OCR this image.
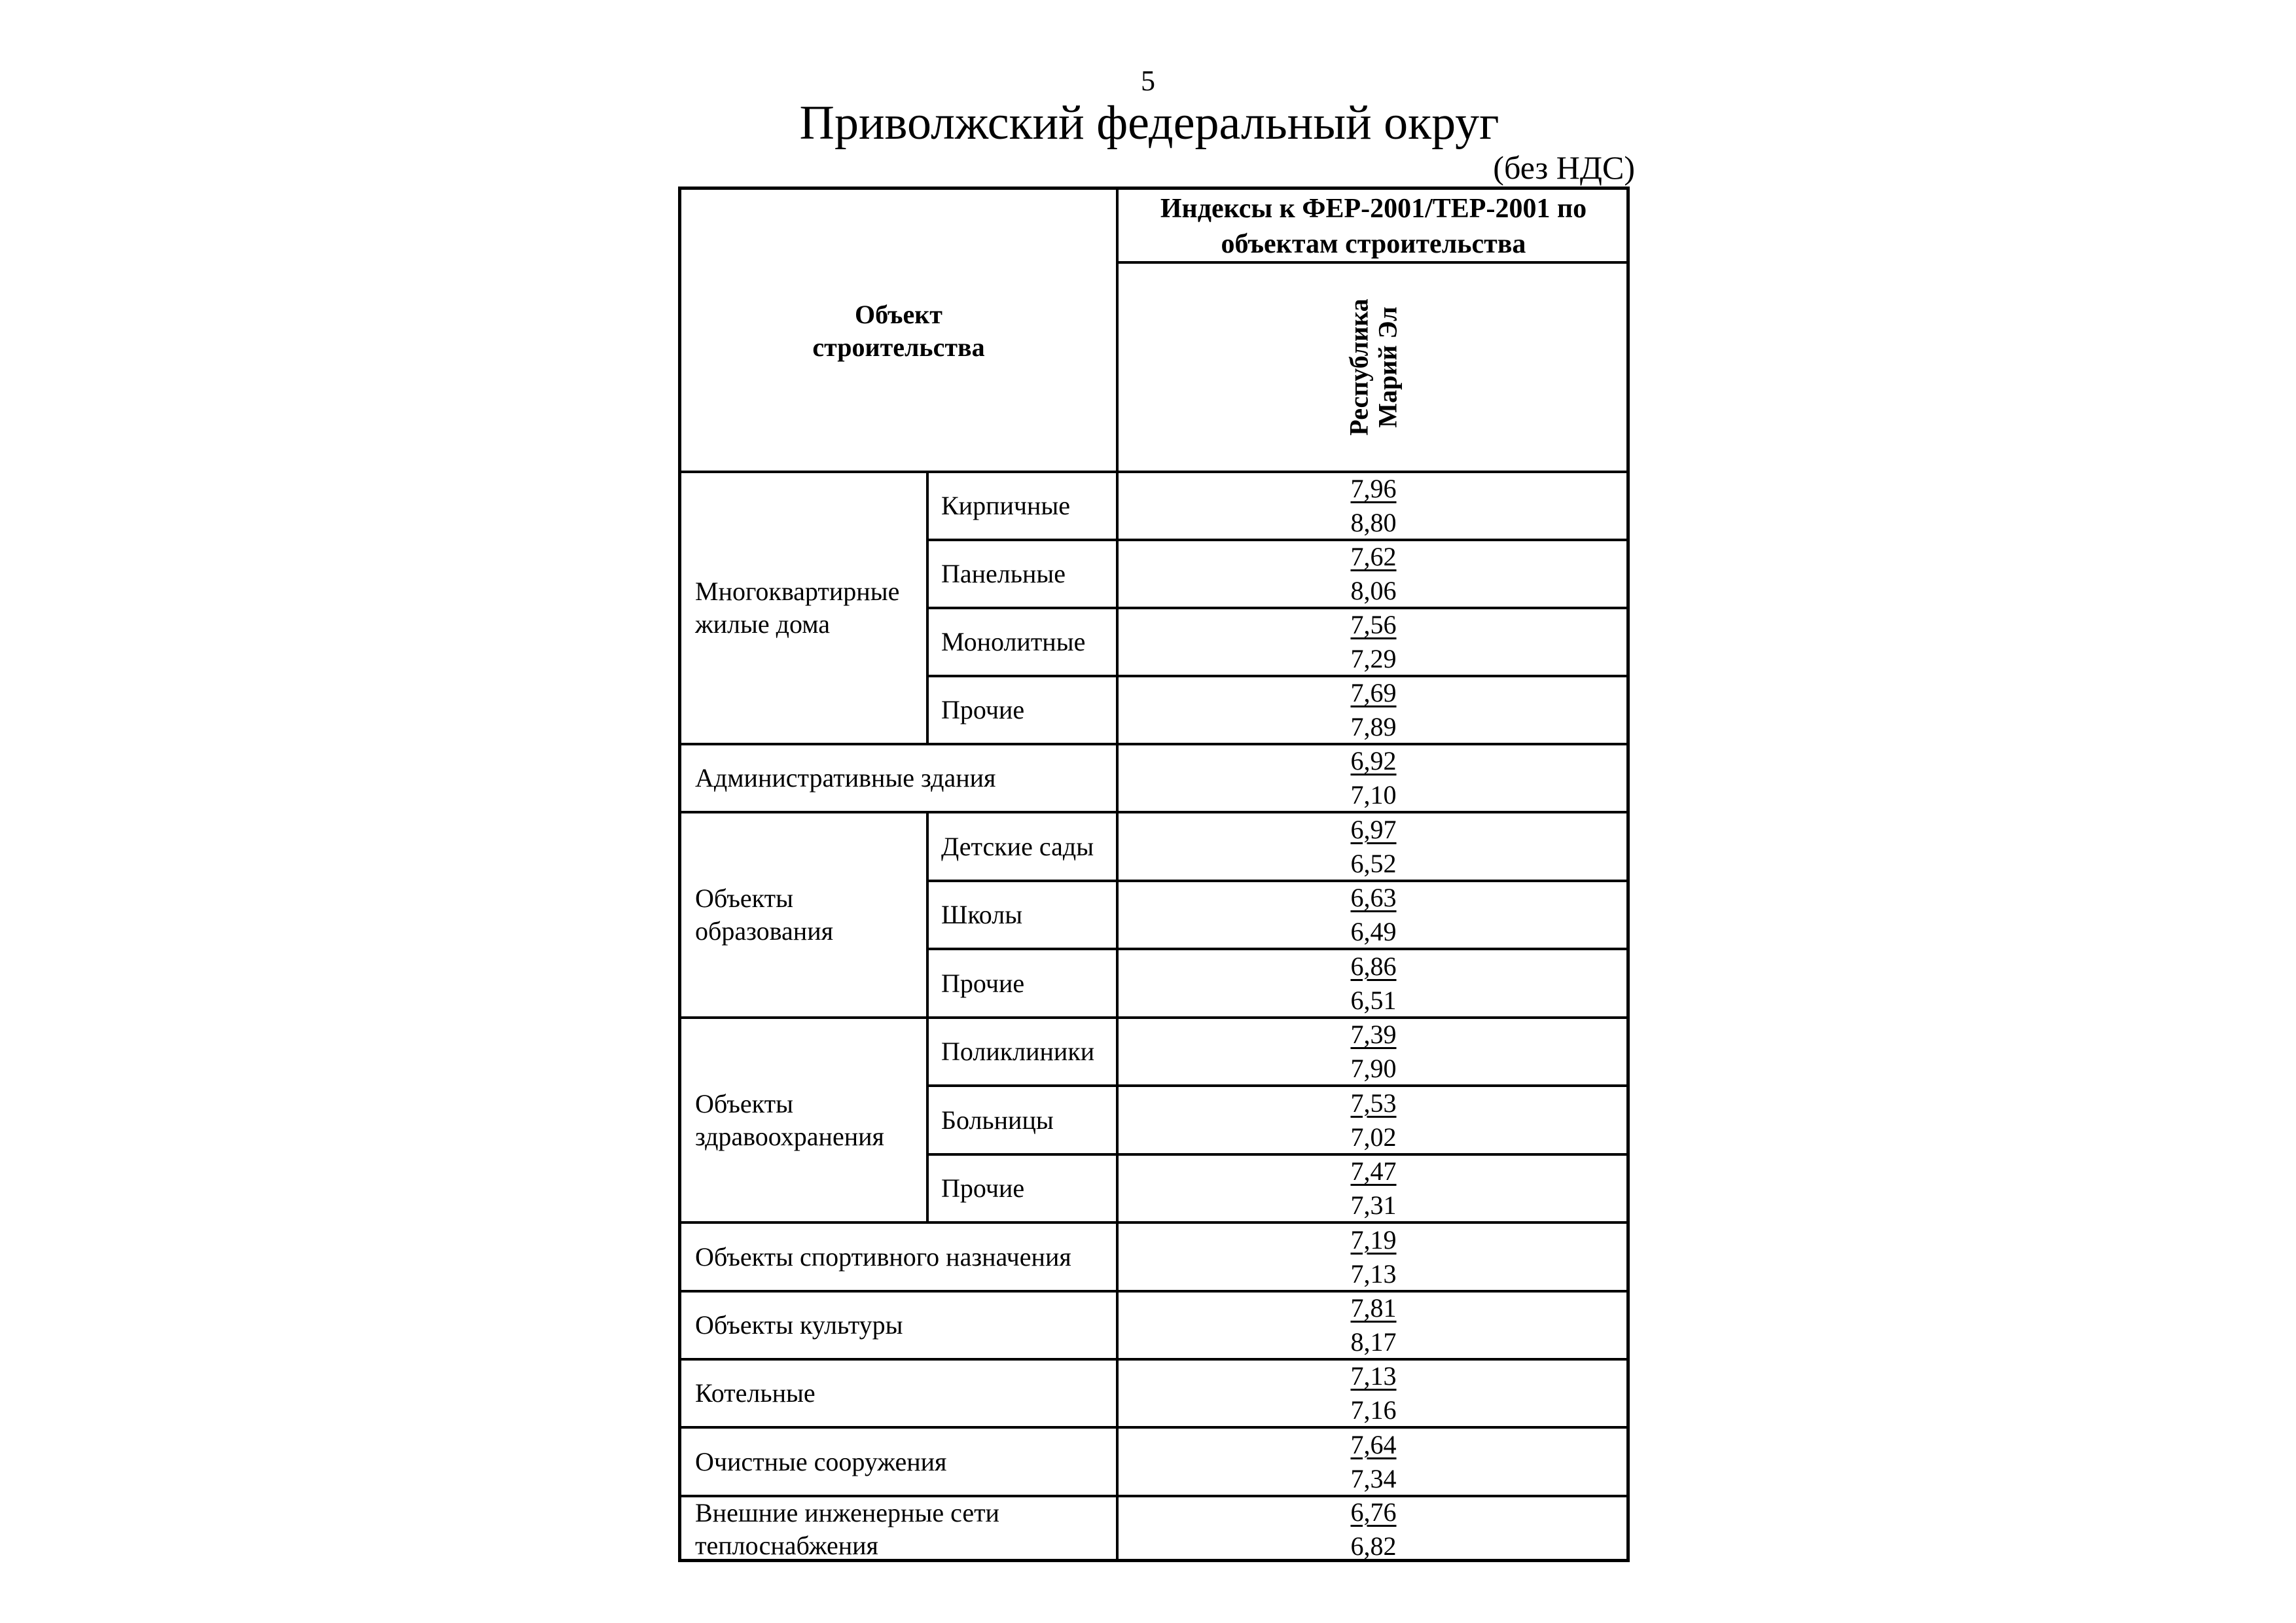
5
Приволжский федеральный округ
(без НДС)
Объект
строительства
Индексы к ФЕР-2001/ТЕР-2001 по объектам строительства
Республика
Марий Эл
Многоквартирные жилые дома
Объекты образования
Объекты здравоохранения
Кирпичные
7,96
8,80
Панельные
7,62
8,06
Монолитные
7,56
7,29
Прочие
7,69
7,89
Административные здания
6,92
7,10
Детские сады
6,97
6,52
Школы
6,63
6,49
Прочие
6,86
6,51
Поликлиники
7,39
7,90
Больницы
7,53
7,02
Прочие
7,47
7,31
Объекты спортивного назначения
7,19
7,13
Объекты культуры
7,81
8,17
Котельные
7,13
7,16
Очистные сооружения
7,64
7,34
Внешние инженерные сети теплоснабжения
6,76
6,82
